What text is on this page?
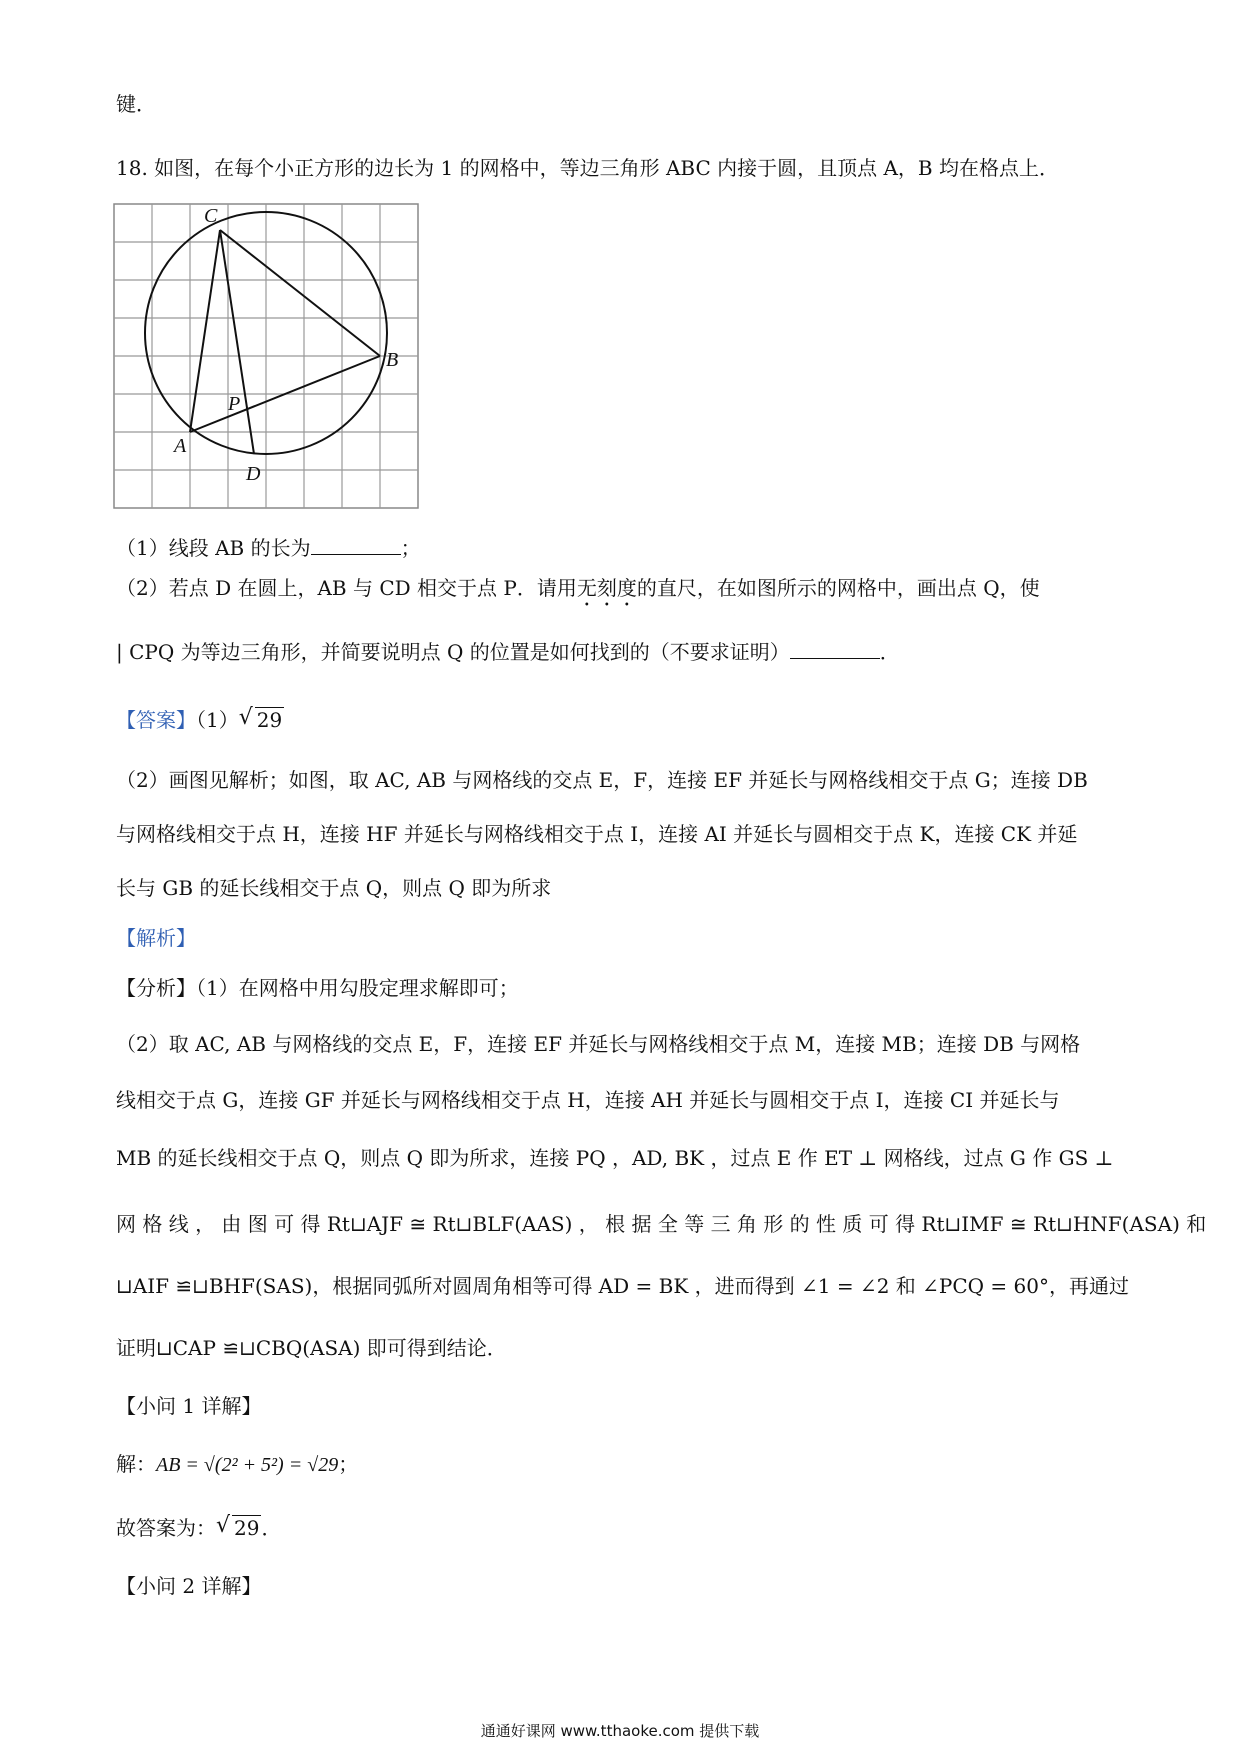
键．
18. 如图，在每个小正方形的边长为 1 的网格中，等边三角形 ABC 内接于圆，且顶点 A，B 均在格点上．
C
B
P
A
D
（1）线段 AB 的长为	；
（2）若点 D 在圆上，AB 与 CD 相交于点 P．请用无刻度的直尺，在如图所示的网格中，画出点 Q，使
| CPQ 为等边三角形，并简要说明点 Q 的位置是如何找到的（不要求证明）	．
【答案】（1） √ 29
（2）画图见解析；如图，取 AC, AB 与网格线的交点 E，F，连接 EF 并延长与网格线相交于点 G；连接 DB
与网格线相交于点 H，连接 HF 并延长与网格线相交于点 I，连接 AI 并延长与圆相交于点 K，连接 CK 并延
长与 GB 的延长线相交于点 Q，则点 Q 即为所求
【解析】
【分析】（1）在网格中用勾股定理求解即可；
（2）取 AC, AB 与网格线的交点 E，F，连接 EF 并延长与网格线相交于点 M，连接 MB；连接 DB 与网格
线相交于点 G，连接 GF 并延长与网格线相交于点 H，连接 AH 并延长与圆相交于点 I，连接 CI 并延长与
MB 的延长线相交于点 Q，则点 Q 即为所求，连接 PQ ，AD, BK ，过点 E 作 ET ⊥ 网格线，过点 G 作 GS ⊥
网 格 线 ， 由 图 可 得 Rt⊔AJF ≅ Rt⊔BLF(AAS) ， 根 据 全 等 三 角 形 的 性 质 可 得 Rt⊔IMF ≅ Rt⊔HNF(ASA) 和
⊔AIF ≌⊔BHF(SAS)，根据同弧所对圆周角相等可得 AD = BK ，进而得到 ∠1 = ∠2 和 ∠PCQ = 60°，再通过
证明⊔CAP ≌⊔CBQ(ASA) 即可得到结论．
【小问 1 详解】
解：AB = √(2² + 5²) = √29；
故答案为： √ 29 ．
【小问 2 详解】
通通好课网 www.tthaoke.com 提供下载
